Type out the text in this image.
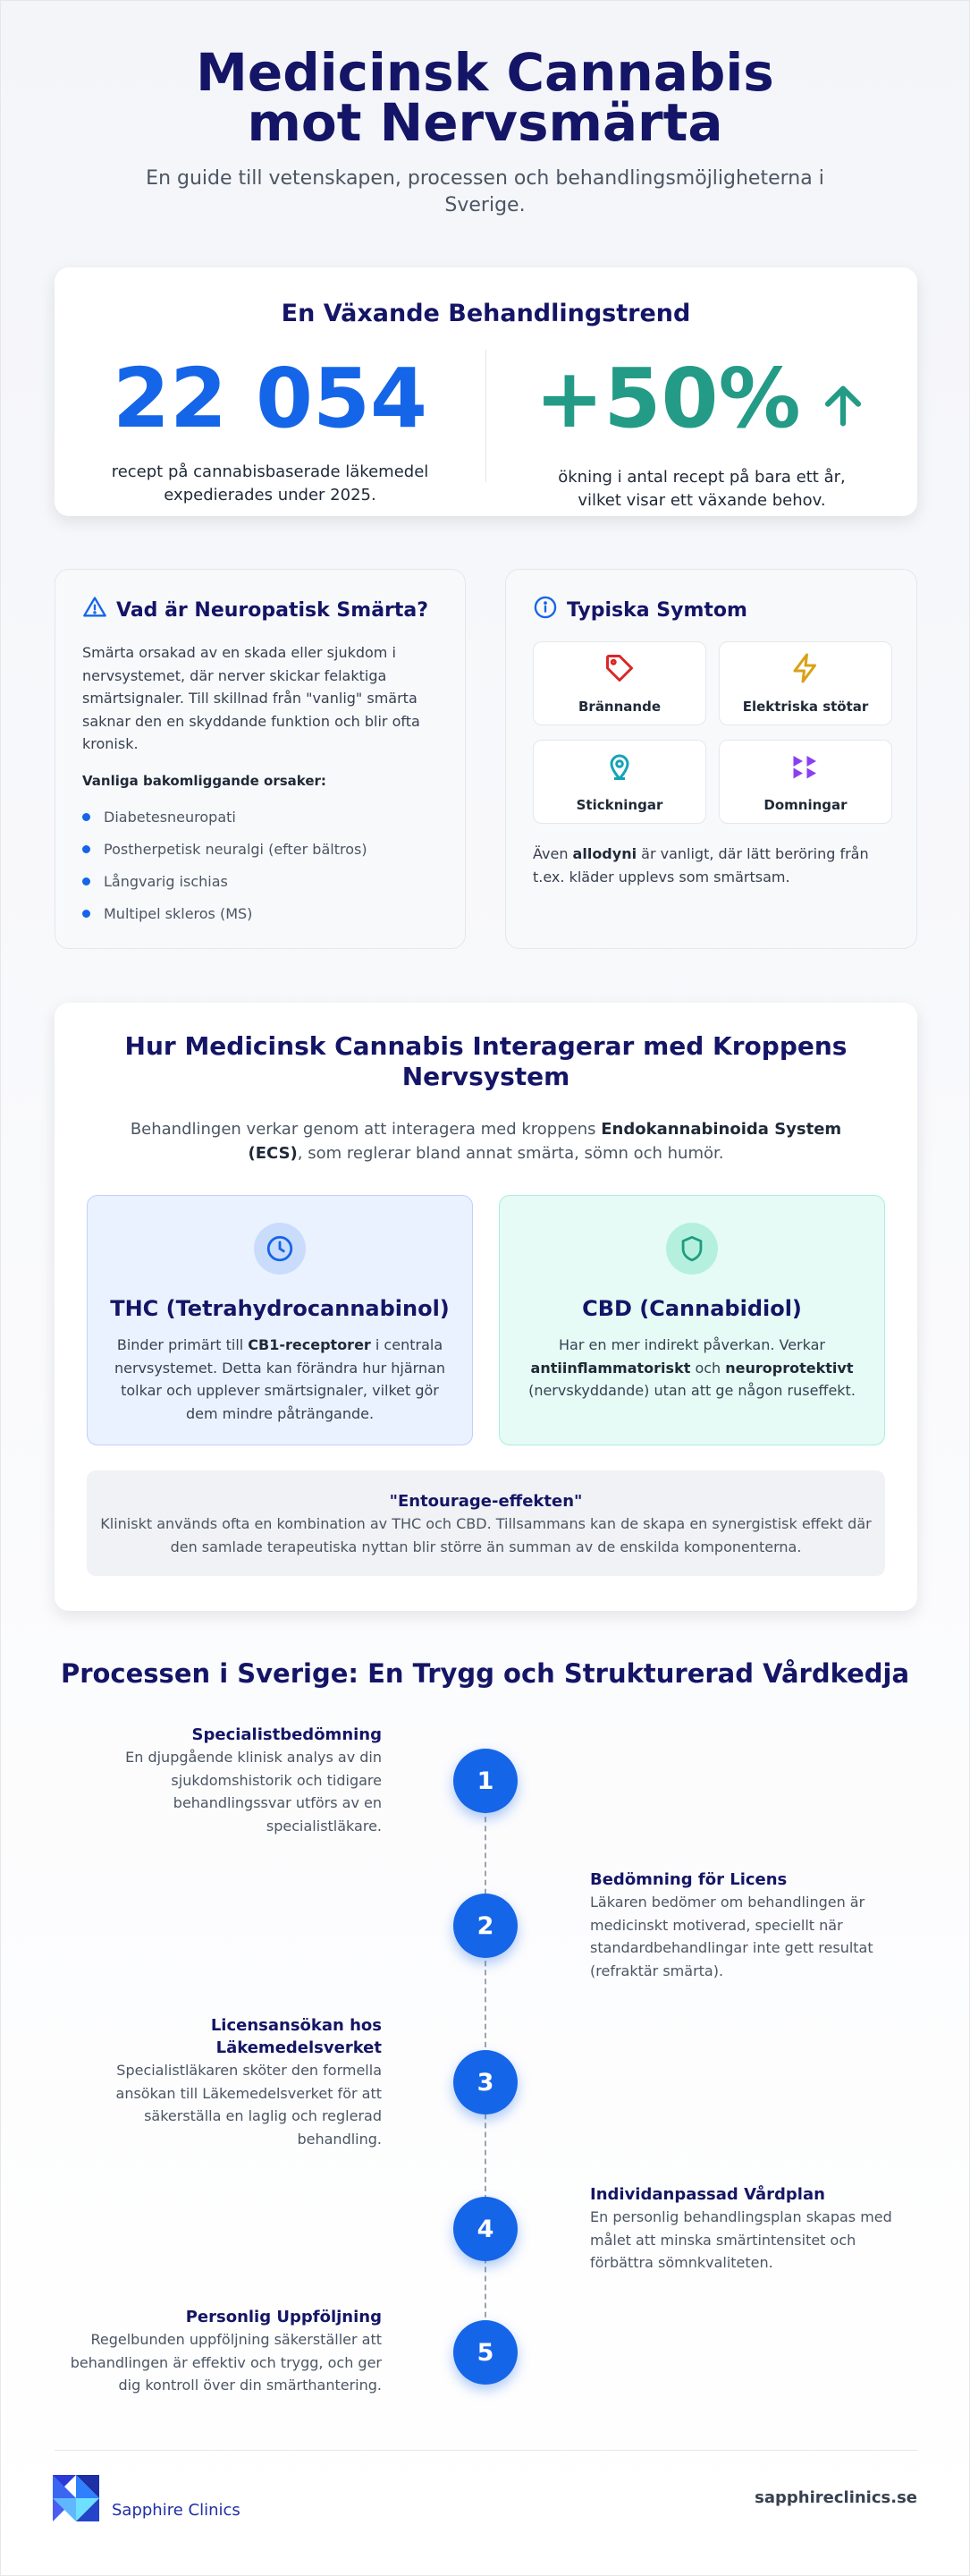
Medicinsk Cannabis mot Nervsmärta

En guide till vetenskapen, processen och behandlingsmöjligheterna i Sverige.

En Växande Behandlingstrend
22 054
recept på cannabisbaserade läkemedel expedierades under 2025.
+50%
ökning i antal recept på bara ett år, vilket visar ett växande behov.
Vad är Neuropatisk Smärta?

Smärta orsakad av en skada eller sjukdom i nervsystemet, där nerver skickar felaktiga smärtsignaler. Till skillnad från "vanlig" smärta saknar den en skyddande funktion och blir ofta kronisk.

Vanliga bakomliggande orsaker:
Diabetesneuropati
Postherpetisk neuralgi (efter bältros)
Långvarig ischias
Multipel skleros (MS)
Typiska Symtom
Brännande	Elektriska stötar
Stickningar	Domningar

Även allodyni är vanligt, där lätt beröring från t.ex. kläder upplevs som smärtsam.

Hur Medicinsk Cannabis Interagerar med Kroppens Nervsystem

Behandlingen verkar genom att interagera med kroppens Endokannabinoida System (ECS), som reglerar bland annat smärta, sömn och humör.

THC (Tetrahydrocannabinol)

Binder primärt till CB1-receptorer i centrala nervsystemet. Detta kan förändra hur hjärnan tolkar och upplever smärtsignaler, vilket gör dem mindre påträngande.

CBD (Cannabidiol)

Har en mer indirekt påverkan. Verkar antiinflammatoriskt och neuroprotektivt (nervskyddande) utan att ge någon ruseffekt.

"Entourage-effekten"

Kliniskt används ofta en kombination av THC och CBD. Tillsammans kan de skapa en synergistisk effekt där den samlade terapeutiska nyttan blir större än summan av de enskilda komponenterna.

Processen i Sverige: En Trygg och Strukturerad Vårdkedja
Specialistbedömning

En djupgående klinisk analys av din sjukdomshistorik och tidigare behandlingssvar utförs av en specialistläkare.

1
Bedömning för Licens

Läkaren bedömer om behandlingen är medicinskt motiverad, speciellt när standardbehandlingar inte gett resultat (refraktär smärta).

2
Licensansökan hos Läkemedelsverket

Specialistläkaren sköter den formella ansökan till Läkemedelsverket för att säkerställa en laglig och reglerad behandling.

3
Individanpassad Vårdplan

En personlig behandlingsplan skapas med målet att minska smärtintensitet och förbättra sömnkvaliteten.

4
Personlig Uppföljning

Regelbunden uppföljning säkerställer att behandlingen är effektiv och trygg, och ger dig kontroll över din smärthantering.

5
Sapphire Clinics
sapphireclinics.se
